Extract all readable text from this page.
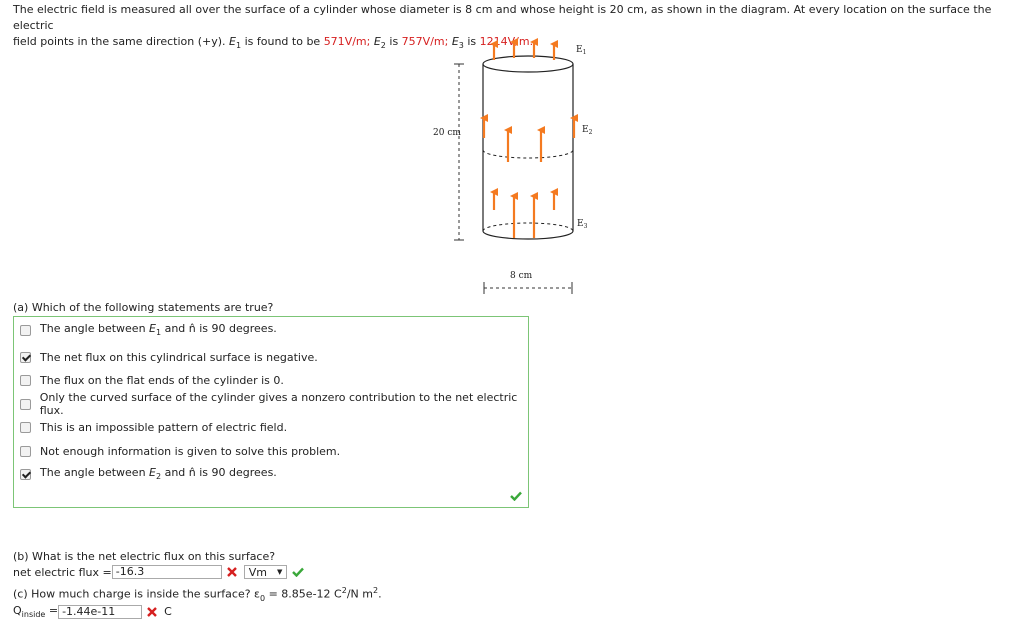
The electric field is measured all over the surface of a cylinder whose diameter is 8 cm and whose height is 20 cm, as shown in the diagram. At every location on the surface the electric
field points in the same direction (+y). $E_1$ is found to be 571V/m; $E_2$ is 757V/m; $E_3$ is 1214V/m.
20 cm
$E_1$
$E_2$
$E_3$
8 cm
(a) Which of the following statements are true?
The angle between $E_1$ and n̂ is 90 degrees.
The net flux on this cylindrical surface is negative.
The flux on the flat ends of the cylinder is 0.
Only the curved surface of the cylinder gives a nonzero contribution to the net electric flux.
This is an impossible pattern of electric field.
Not enough information is given to solve this problem.
The angle between $E_2$ and n̂ is 90 degrees.
(b) What is the net electric flux on this surface?
net electric flux = -16.3	Vm ▼
(c) How much charge is inside the surface? $\varepsilon_0 = 8.85e-12$ $C^2/N$ $m^2$.
$Q_{inside} = -1.44e-11$	C
